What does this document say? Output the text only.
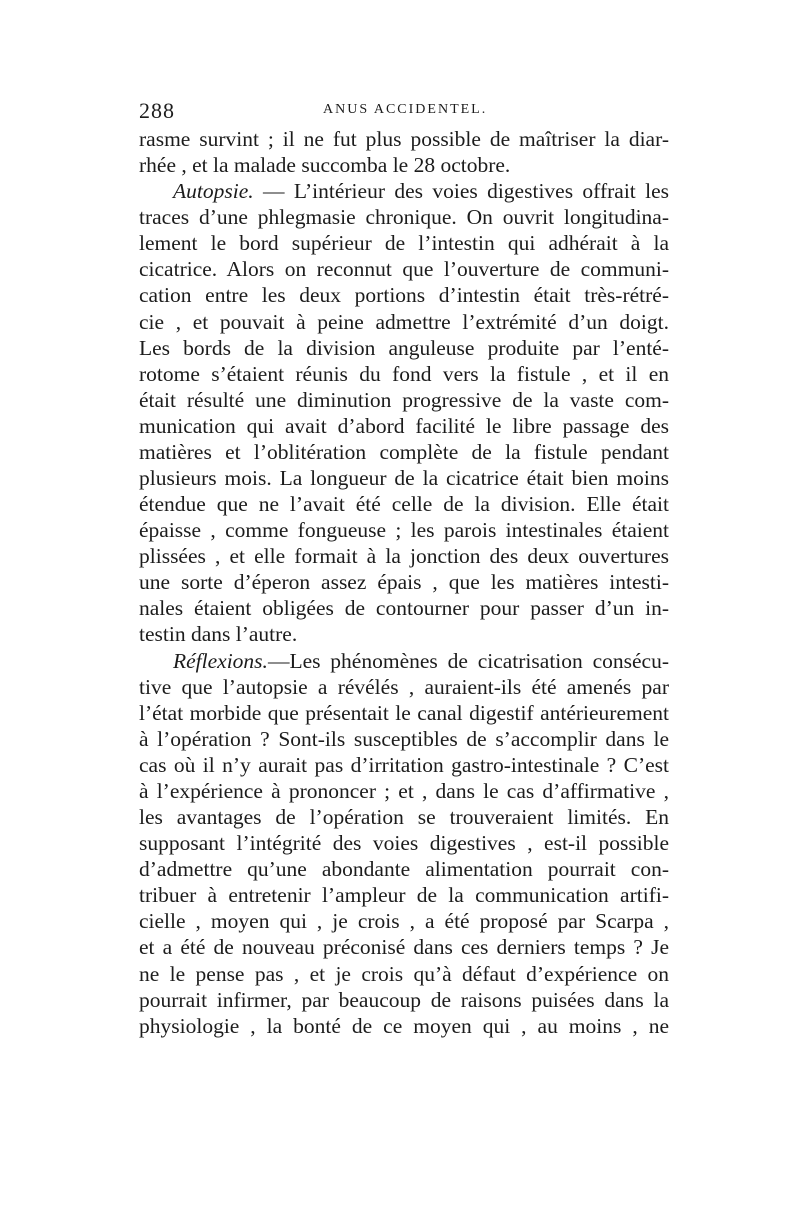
288	ANUS ACCIDENTEL.
rasme survint ; il ne fut plus possible de maîtriser la diar-
rhée , et la malade succomba le 28 octobre.
Autopsie. — L’intérieur des voies digestives offrait les
traces d’une phlegmasie chronique. On ouvrit longitudina-
lement le bord supérieur de l’intestin qui adhérait à la
cicatrice. Alors on reconnut que l’ouverture de communi-
cation entre les deux portions d’intestin était très-rétré-
cie , et pouvait à peine admettre l’extrémité d’un doigt.
Les bords de la division anguleuse produite par l’enté-
rotome s’étaient réunis du fond vers la fistule , et il en
était résulté une diminution progressive de la vaste com-
munication qui avait d’abord facilité le libre passage des
matières et l’oblitération complète de la fistule pendant
plusieurs mois. La longueur de la cicatrice était bien moins
étendue que ne l’avait été celle de la division. Elle était
épaisse , comme fongueuse ; les parois intestinales étaient
plissées , et elle formait à la jonction des deux ouvertures
une sorte d’éperon assez épais , que les matières intesti-
nales étaient obligées de contourner pour passer d’un in-
testin dans l’autre.
Réflexions.—Les phénomènes de cicatrisation consécu-
tive que l’autopsie a révélés , auraient-ils été amenés par
l’état morbide que présentait le canal digestif antérieurement
à l’opération ? Sont-ils susceptibles de s’accomplir dans le
cas où il n’y aurait pas d’irritation gastro-intestinale ? C’est
à l’expérience à prononcer ; et , dans le cas d’affirmative ,
les avantages de l’opération se trouveraient limités. En
supposant l’intégrité des voies digestives , est-il possible
d’admettre qu’une abondante alimentation pourrait con-
tribuer à entretenir l’ampleur de la communication artifi-
cielle , moyen qui , je crois , a été proposé par Scarpa ,
et a été de nouveau préconisé dans ces derniers temps ? Je
ne le pense pas , et je crois qu’à défaut d’expérience on
pourrait infirmer, par beaucoup de raisons puisées dans la
physiologie , la bonté de ce moyen qui , au moins , ne
